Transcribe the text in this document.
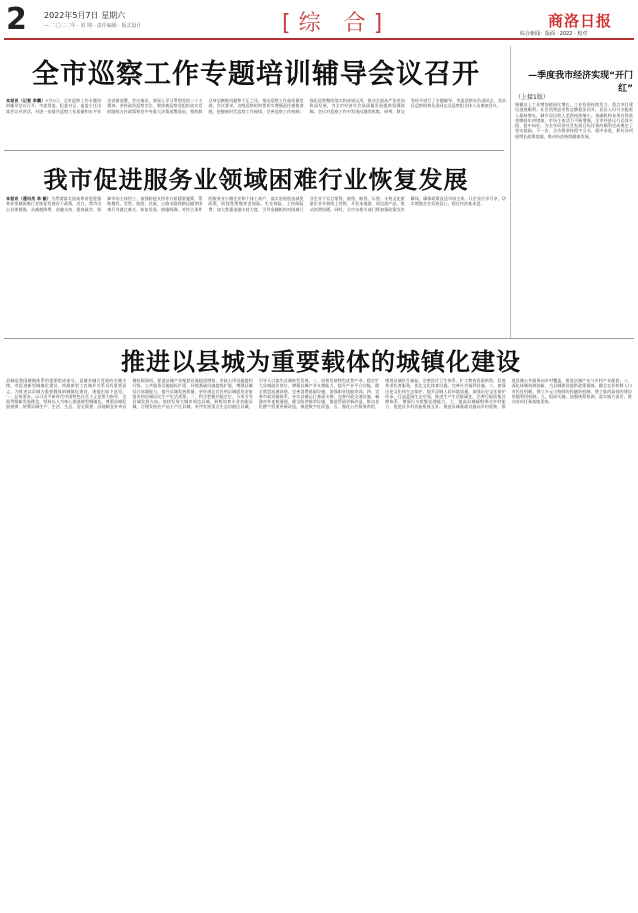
2 2022年5月7日 星期六
— 二〇二二年 · 第 期 · 责任编辑 · 版式设计	[综 合]	商洛日报
综合新闻：版面 · 2022 · 校对
全市巡察工作专题培训辅导会议召开
本报讯（记者 李鹏）5月5日，全市巡察工作专题培训辅导会议召开，市委常委、纪委书记、监委主任出席会议并讲话，对进一步提升巡察工作质量和水平作出安排部署，会议指出，要深入学习贯彻党的二十大精神，坚持政治巡察定位，聚焦被巡察党组织落实党的路线方针政策和党中央重大决策部署情况，聚焦群众身边腐败问题和不正之风，推动巡察工作高质量发展。会议要求，各级巡察机构要切实增强责任感使命感，把握新时代巡察工作规律，完善巡察工作机制，强化巡察整改落实和成果运用，推动全面从严治党向纵深发展，为全市经济社会高质量发展提供坚强保障。会议对巡察工作中发现问题的收集、研判、移交等环节进行了专题辅导，市委巡察办负责同志、各县区巡察机构负责同志及巡察组全体人员参加会议。
—季度我市经济实现“开门红”
（上接1版）
规模以上工业增加值同比增长，工业投资持续发力，重点项目建设进展顺利。社会消费品零售总额稳步回升，居民人均可支配收入保持增长，城乡居民收入差距持续缩小。金融机构各项存贷款余额较年初增加，市场主体活力不断增强，全市经济运行总体平稳、稳中向好，为全年经济社会发展目标任务的顺利完成奠定了坚实基础。下一步，全市将坚持稳字当头、稳中求进，抓好各项稳增长政策落地，推动经济持续健康发展。
我市促进服务业领域困难行业恢复发展
本报讯（通讯员 李 毅）为贯彻落实国家和省促进服务业领域困难行业恢复发展若干政策，近日，我市出台具体措施，从减税降费、金融支持、稳岗就业、保障市场主体用工、加强防疫支持等方面精准施策，帮助餐饮、零售、旅游、民航、公路水路铁路运输等困难行业渡过难关、恢复发展。措施明确，对符合条件的服务业小微企业和个体工商户，落实房屋租金减免政策，阶段性缓缴养老保险、失业保险、工伤保险费；加大普惠金融支持力度，引导金融机构对困难行业企业不盲目惜贷、抽贷、断贷、压贷；支持文化旅游企业开展线上营销，开发本地游、周边游产品，推动消费回暖。同时，全市各相关部门将加强政策宣传解读，确保政策直达市场主体，让企业应享尽享，切实增强企业发展信心，稳住经济基本盘。
推进以县城为重要载体的城镇化建设
县城是我国城镇体系的重要组成部分，是城乡融合发展的关键支撑，对促进新型城镇化建设、构建新型工农城乡关系具有重要意义。为推进以县城为重要载体的城镇化建设，现提出如下意见。一、总体要求。以习近平新时代中国特色社会主义思想为指导，全面贯彻新发展理念，坚持以人为核心推进新型城镇化，尊重县城发展规律，统筹县城生产、生活、生态、安全需要，因地制宜补齐县城短板弱项，促进县城产业配套设施提质增效、市政公用设施提档升级、公共服务设施提标扩面、环境基础设施提级扩能，增强县城综合承载能力，提升县城发展质量，更好满足农民到县城就业安家需求和县城居民生产生活需要。二、科学把握功能定位，分类引导县城发展方向。加快发展大城市周边县城，积极培育专业功能县城，合理发展农产品主产区县城，有序发展重点生态功能区县城，引导人口流失县城转型发展。三、培育发展特色优势产业，稳定扩大县城就业岗位。增强县城产业支撑能力，提升产业平台功能，健全商贸流通网络，完善消费基础设施，加强职业技能培训。四、完善市政设施体系，夯实县城运行基础支撑。完善市政交通设施，畅通对外连接通道，健全防洪排涝设施，推进管网更新改造，推动老化燃气管道更新改造，推进数字化改造。五、强化公共服务供给，增进县城民生福祉。完善医疗卫生体系，扩大教育资源供给，发展养老托育服务，优化文化体育设施，完善社会福利设施。六、加强历史文化和生态保护，提升县城人居环境质量。加强历史文化保护传承，打造蓝绿生态空间，推进生产生活低碳化，完善垃圾收集处理体系，增强污水收集处理能力。七、提高县城辐射带动乡村能力，促进县乡村功能衔接互补。推进县城基础设施向乡村延伸，推进县城公共服务向乡村覆盖，推进县城产业与乡村产业配套。八、深化体制机制创新，为县城建设提供政策保障。健全农业转移人口市民化机制，建立多元可持续的投融资机制，建立集约高效的建设用地利用机制。九、组织实施。加强统筹协调，落实地方责任，推动各项任务落地见效。
